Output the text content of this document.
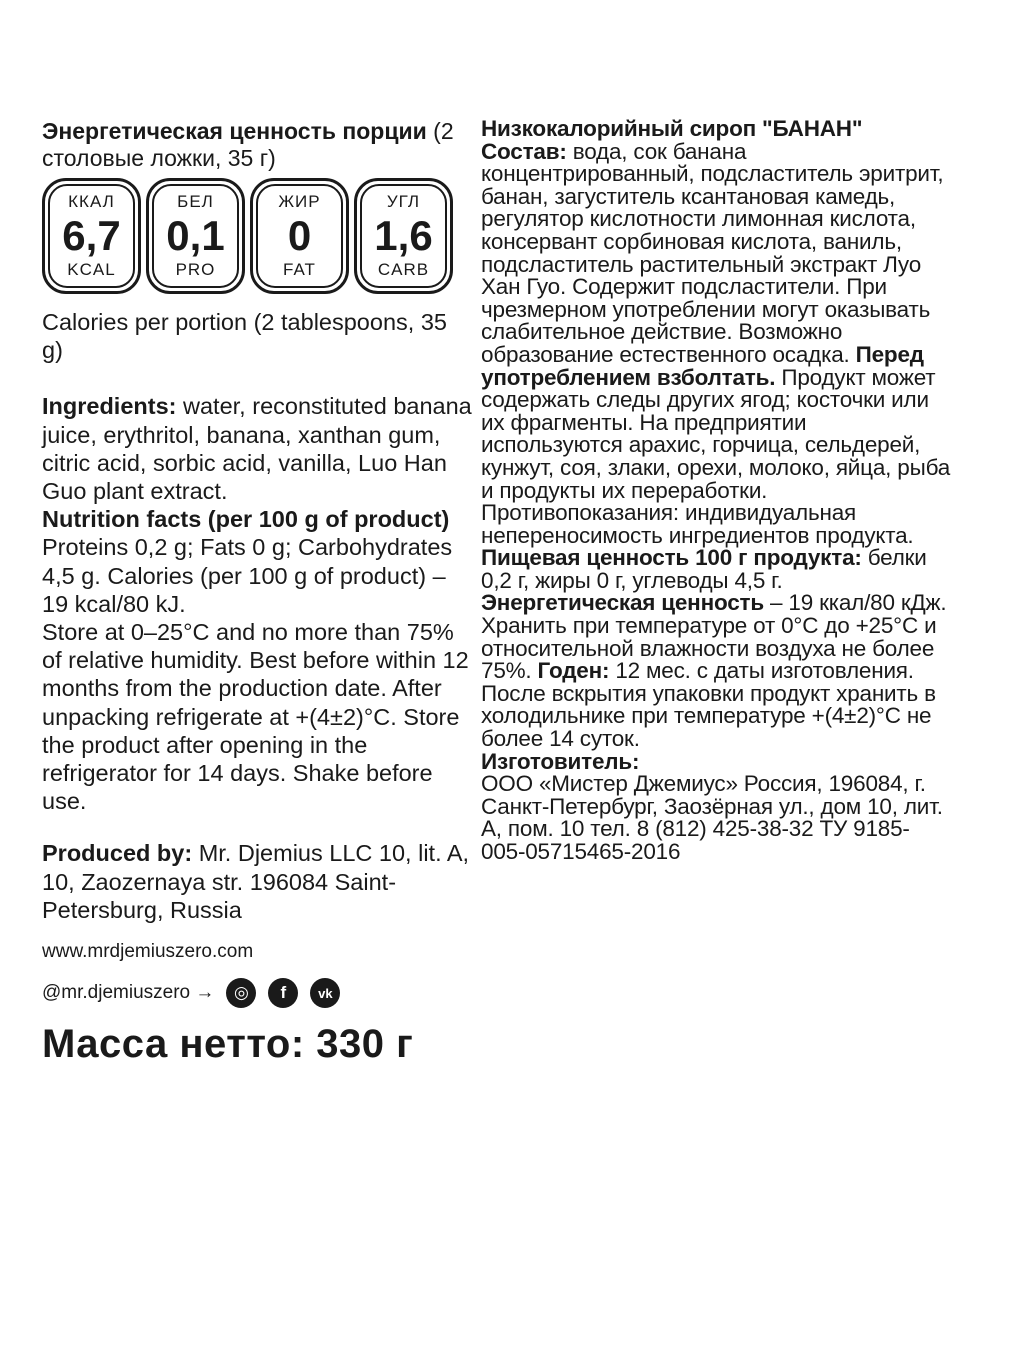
Энергетическая ценность порции (2 столовые ложки, 35 г)

ККАЛ
6,7
KCAL
БЕЛ
0,1
PRO
ЖИР
0
FAT
УГЛ
1,6
CARB

Calories per portion (2 tablespoons, 35 g)

Ingredients: water, reconstituted banana juice, erythritol, banana, xanthan gum, citric acid, sorbic acid, vanilla, Luo Han Guo plant extract.

Nutrition facts (per 100 g of product)

Proteins 0,2 g; Fats 0 g; Carbohydrates 4,5 g. Calories (per 100 g of product) – 19 kcal/80 kJ.

Store at 0–25°C and no more than 75% of relative humidity. Best before within 12 months from the production date. After unpacking refrigerate at +(4±2)°C. Store the product after opening in the refrigerator for 14 days. Shake before use.

Produced by: Mr. Djemius LLC 10, lit. A, 10, Zaozernaya str. 196084 Saint-Petersburg, Russia

www.mrdjemiuszero.com

@mr.djemiuszero →	◎	f	vk

Масса нетто: 330 г

Низкокалорийный сироп "БАНАН"

Состав: вода, сок банана концентрированный, подсластитель эритрит, банан, загуститель ксантановая камедь, регулятор кислотности лимонная кислота, консервант сорбиновая кислота, ваниль, подсластитель растительный экстракт Луо Хан Гуо. Содержит подсластители. При чрезмерном употреблении могут оказывать слабительное действие. Возможно образование естественного осадка. Перед употреблением взболтать. Продукт может содержать следы других ягод; косточки или их фрагменты. На предприятии используются арахис, горчица, сельдерей, кунжут, соя, злаки, орехи, молоко, яйца, рыба и продукты их переработки. Противопоказания: индивидуальная непереносимость ингредиентов продукта.

Пищевая ценность 100 г продукта: белки 0,2 г, жиры 0 г, углеводы 4,5 г. Энергетическая ценность – 19 ккал/80 кДж. Хранить при температуре от 0°C до +25°C и относительной влажности воздуха не более 75%. Годен: 12 мес. с даты изготовления. После вскрытия упаковки продукт хранить в холодильнике при температуре +(4±2)°C не более 14 суток.

Изготовитель:

ООО «Мистер Джемиус» Россия, 196084, г. Санкт-Петербург, Заозёрная ул., дом 10, лит. А, пом. 10 тел. 8 (812) 425-38-32 ТУ 9185-005-05715465-2016
